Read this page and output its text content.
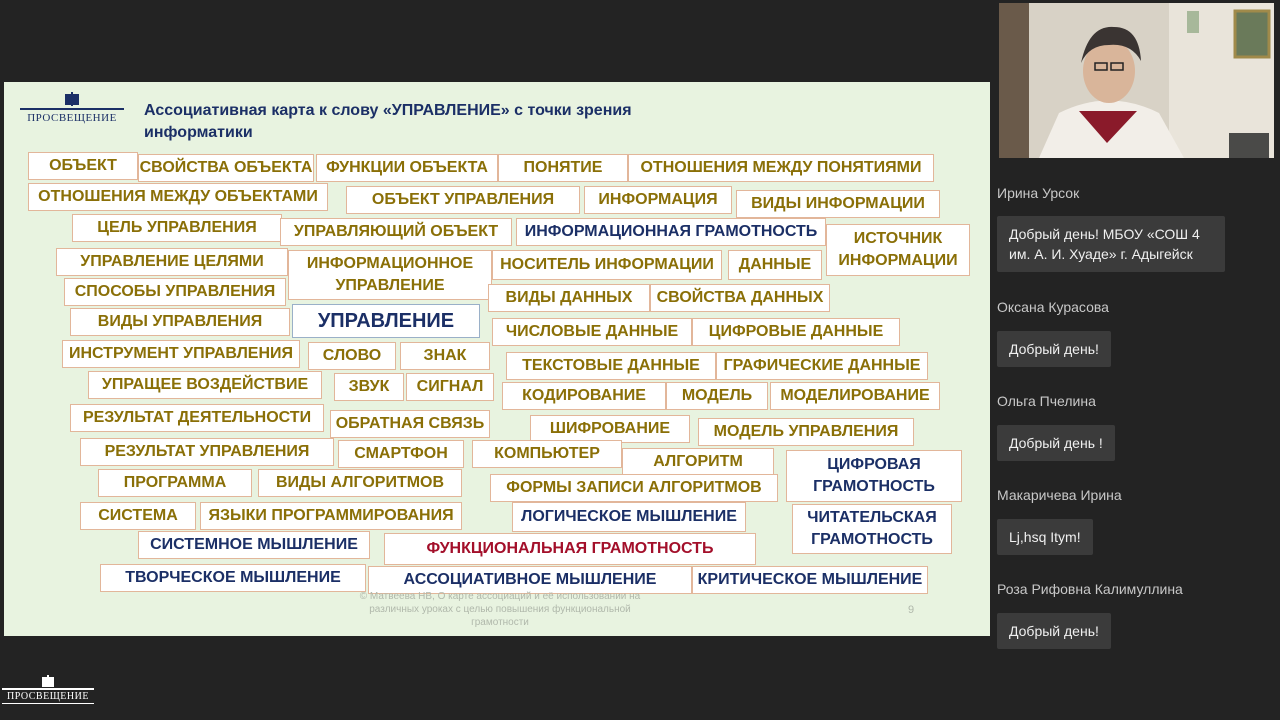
ПРОСВЕЩЕНИЕ	Ассоциативная карта к слову «УПРАВЛЕНИЕ» с точки зрения информатики
ОБЪЕКТ	СВОЙСТВА ОБЪЕКТА ФУНКЦИИ ОБЪЕКТА	ПОНЯТИЕ	ОТНОШЕНИЯ МЕЖДУ ПОНЯТИЯМИ
ОТНОШЕНИЯ МЕЖДУ ОБЪЕКТАМИ	ОБЪЕКТ УПРАВЛЕНИЯ	ИНФОРМАЦИЯ	ВИДЫ ИНФОРМАЦИИ
ЦЕЛЬ УПРАВЛЕНИЯ	УПРАВЛЯЮЩИЙ ОБЪЕКТ	ИНФОРМАЦИОННАЯ ГРАМОТНОСТЬ	ИСТОЧНИК ИНФОРМАЦИИ
УПРАВЛЕНИЕ ЦЕЛЯМИ	ИНФОРМАЦИОННОЕ УПРАВЛЕНИЕ
НОСИТЕЛЬ ИНФОРМАЦИИ	ДАННЫЕ
СПОСОБЫ УПРАВЛЕНИЯ	ВИДЫ ДАННЫХ	СВОЙСТВА ДАННЫХ
ВИДЫ УПРАВЛЕНИЯ	УПРАВЛЕНИЕ	ЧИСЛОВЫЕ ДАННЫЕ	ЦИФРОВЫЕ ДАННЫЕ
ИНСТРУМЕНТ УПРАВЛЕНИЯ	СЛОВО	ЗНАК
ТЕКСТОВЫЕ ДАННЫЕ	ГРАФИЧЕСКИЕ ДАННЫЕ
УПРАЩЕЕ ВОЗДЕЙСТВИЕ	ЗВУК	СИГНАЛ
КОДИРОВАНИЕ	МОДЕЛЬ	МОДЕЛИРОВАНИЕ
РЕЗУЛЬТАТ ДЕЯТЕЛЬНОСТИ	ОБРАТНАЯ СВЯЗЬ	ШИФРОВАНИЕ	МОДЕЛЬ УПРАВЛЕНИЯ
РЕЗУЛЬТАТ УПРАВЛЕНИЯ	СМАРТФОН	КОМПЬЮТЕР	АЛГОРИТМ	ЦИФРОВАЯ ГРАМОТНОСТЬ
ПРОГРАММА	ВИДЫ АЛГОРИТМОВ	ФОРМЫ ЗАПИСИ АЛГОРИТМОВ
СИСТЕМА	ЯЗЫКИ ПРОГРАММИРОВАНИЯ	ЛОГИЧЕСКОЕ МЫШЛЕНИЕ	ЧИТАТЕЛЬСКАЯ ГРАМОТНОСТЬ
СИСТЕМНОЕ МЫШЛЕНИЕ	ФУНКЦИОНАЛЬНАЯ ГРАМОТНОСТЬ
ТВОРЧЕСКОЕ МЫШЛЕНИЕ	АССОЦИАТИВНОЕ МЫШЛЕНИЕ	КРИТИЧЕСКОЕ МЫШЛЕНИЕ
© Матвеева НВ, О карте ассоциаций и её использовании на различных уроках с целью повышения функциональной грамотности
9
Ирина Урсок
Добрый день! МБОУ «СОШ 4 им. А. И. Хуаде» г. Адыгейск
Оксана Курасова
Добрый день!
Ольга Пчелина
Добрый день !
Макаричева Ирина
Lj,hsq Itym!
Роза Рифовна Калимуллина
Добрый день!
ПРОСВЕЩЕНИЕ
